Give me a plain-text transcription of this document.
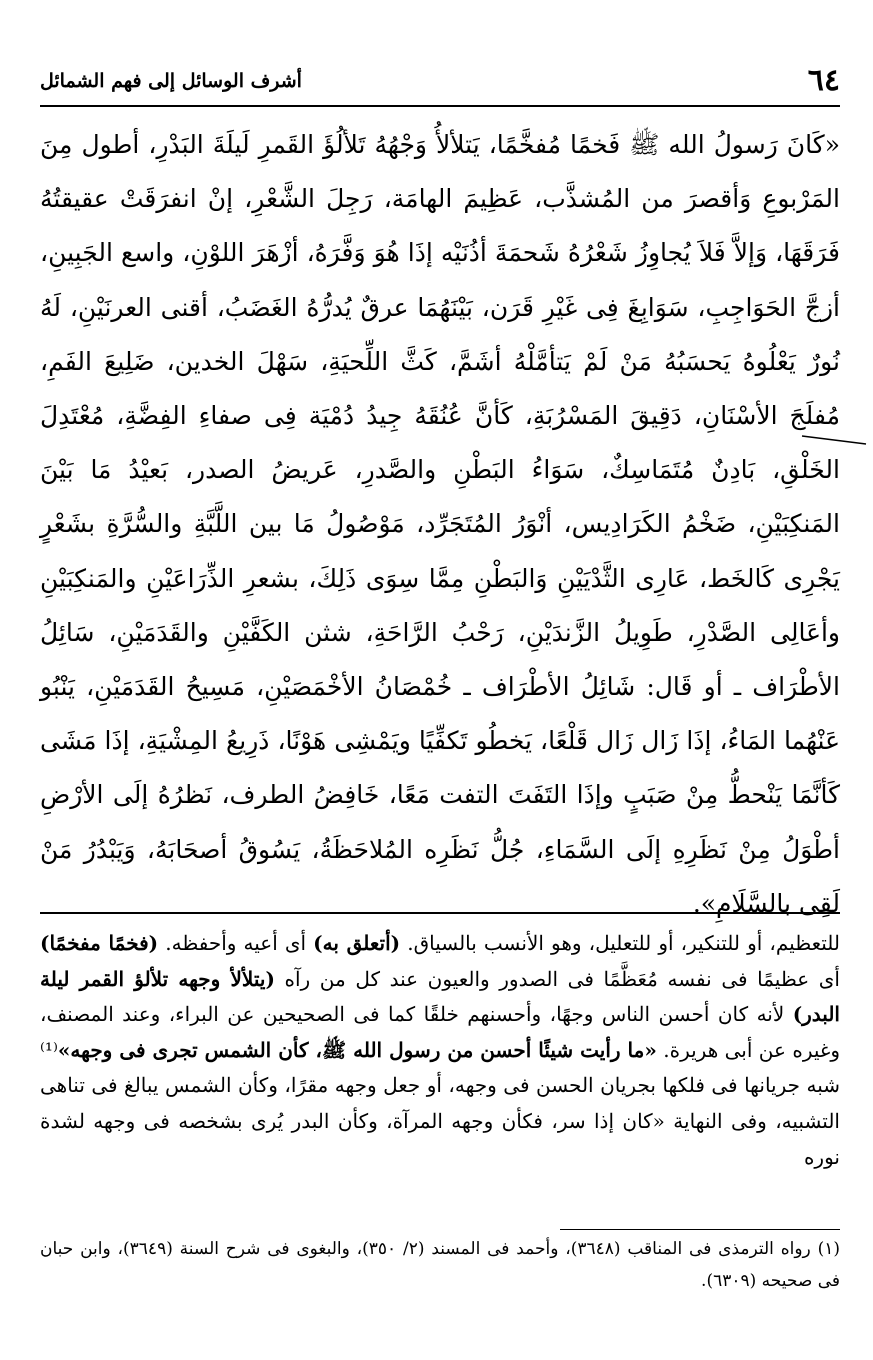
٦٤
أشرف الوسائل إلى فهم الشمائل

«كَانَ رَسولُ الله ﷺ فَخمًا مُفخَّمًا، يَتلألأُ وَجْهُهُ تَلألُؤَ القَمرِ لَيلَةَ البَدْرِ، أطول مِنَ المَرْبوعِ وَأقصرَ من المُشذَّب، عَظِيمَ الهامَة، رَجِلَ الشَّعْرِ، إنْ انفرَقَتْ عقيقتُهُ فَرَقَهَا، وَإلاَّ فَلاَ يُجاوِزُ شَعْرُهُ شَحمَةَ أذُنَيْه إذَا هُوَ وَفَّرَهُ، أزْهَرَ اللوْنِ، واسع الجَبِينِ، أزجَّ الحَوَاجِبِ، سَوَابِغَ فِى غَيْرِ قَرَن، بَيْنَهُمَا عرقٌ يُدرُّهُ الغَضَبُ، أقنى العرنَيْنِ، لَهُ نُورٌ يَعْلُوهُ يَحسَبُهُ مَنْ لَمْ يَتأمَّلْهُ أشَمَّ، كَثَّ اللِّحيَةِ، سَهْلَ الخدين، ضَلِيعَ الفَمِ، مُفلَجَ الأسْنَانِ، دَقِيقَ المَسْرُبَةِ، كَأنَّ عُنُقَهُ جِيدُ دُمْيَة فِى صفاءِ الفِضَّةِ، مُعْتَدِلَ الخَلْقِ، بَادِنٌ مُتَمَاسِكٌ، سَوَاءُ البَطْنِ والصَّدرِ، عَريضُ الصدر، بَعيْدُ مَا بَيْنَ المَنكِبَيْنِ، ضَخْمُ الكَرَادِيس، أنْوَرُ المُتَجَرِّد، مَوْصُولُ مَا بين اللَّبَّةِ والسُّرَّةِ بشَعْرٍ يَجْرِى كَالخَط، عَارِى الثَّدْيَيْنِ وَالبَطْنِ مِمَّا سِوَى ذَلِكَ، بشعرِ الذِّرَاعَيْنِ والمَنكِبَيْنِ وأعَالِى الصَّدْرِ، طَوِيلُ الزَّندَيْنِ، رَحْبُ الرَّاحَةِ، شثن الكَفَّيْنِ والقَدَمَيْنِ، سَائِلُ الأطْرَاف ـ أو قَال: شَائِلُ الأطْرَاف ـ خُمْصَانُ الأخْمَصَيْنِ، مَسِيحُ القَدَمَيْنِ، يَنْبُو عَنْهُما المَاءُ، إذَا زَال زَال قَلْعًا، يَخطُو تَكفِّيًا ويَمْشِى هَوْنًا، ذَرِيعُ المِشْيَةِ، إذَا مَشَى كَأنَّمَا يَنْحطُّ مِنْ صَبَبٍ وإذَا التَفَتَ التفت مَعًا، خَافِضُ الطرف، نَظرُهُ إلَى الأرْضِ أطْوَلُ مِنْ نَظَرِهِ إلَى السَّمَاءِ، جُلُّ نَظَرِه المُلاحَظَةُ، يَسُوقُ أصحَابَهُ، وَيَبْدُرُ مَنْ لَقِى بالسَّلَامِ».

للتعظيم، أو للتنكير، أو للتعليل، وهو الأنسب بالسياق. (أتعلق به) أى أعيه وأحفظه. (فخمًا مفخمًا) أى عظيمًا فى نفسه مُعَظَّمًا فى الصدور والعيون عند كل من رآه (يتلألأ وجهه تلألؤ القمر ليلة البدر) لأنه كان أحسن الناس وجهًا، وأحسنهم خلقًا كما فى الصحيحين عن البراء، وعند المصنف، وغيره عن أبى هريرة. «ما رأيت شيئًا أحسن من رسول الله ﷺ، كأن الشمس تجرى فى وجهه»⁽¹⁾ شبه جريانها فى فلكها بجريان الحسن فى وجهه، أو جعل وجهه مقرًا، وكأن الشمس يبالغ فى تناهى التشبيه، وفى النهاية «كان إذا سر، فكأن وجهه المرآة، وكأن البدر يُرى بشخصه فى وجهه لشدة نوره

(١) رواه الترمذى فى المناقب (٣٦٤٨)، وأحمد فى المسند (٢/ ٣٥٠)، والبغوى فى شرح السنة (٣٦٤٩)، وابن حبان فى صحيحه (٦٣٠٩).
